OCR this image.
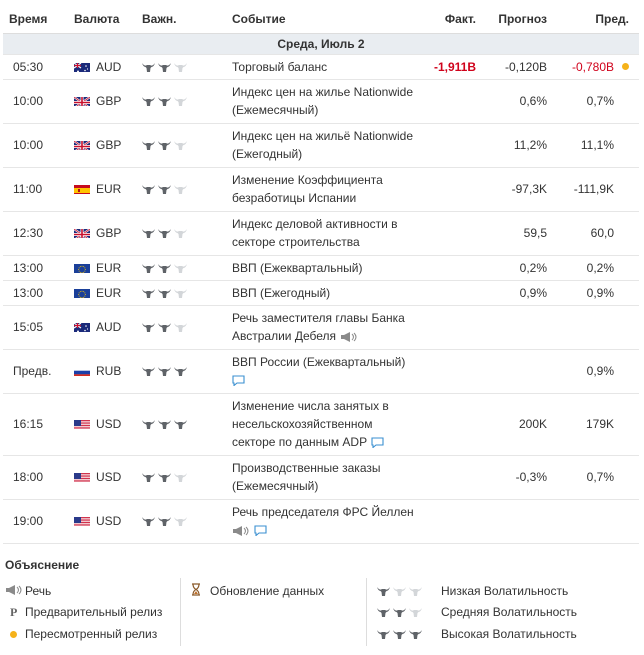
Время	Валюта	Важн.	Событие	Факт.	Прогноз	Пред.
Среда, Июль 2						
05:30	AUD		Торговый баланс	-1,911B	-0,120B	-0,780B
10:00	GBP		Индекс цен на жилье Nationwide
(Ежемесячный)		0,6%	0,7%
10:00	GBP		Индекс цен на жильё Nationwide
(Ежегодный)		11,2%	11,1%
11:00	EUR		Изменение Коэффициента
безработицы Испании		-97,3K	-111,9K
12:30	GBP		Индекс деловой активности в
секторе строительства		59,5	60,0
13:00	EUR		ВВП (Ежеквартальный)		0,2%	0,2%
13:00	EUR		ВВП (Ежегодный)		0,9%	0,9%
15:05	AUD		Речь заместителя главы Банка
Австралии Дебеля

Предв.	RUB		ВВП России (Ежеквартальный)			0,9%
16:15	USD		Изменение числа занятых в
несельскохозяйственном
секторе по данным ADP		200K	179K
18:00	USD		Производственные заказы
(Ежемесячный)		-0,3%	0,7%
19:00	USD		Речь председателя ФРС Йеллен

Объяснение
Речь
P Предварительный релиз
Пересмотренный релиз
Обновление данных	Низкая Волатильность
Средняя Волатильность
Высокая Волатильность
